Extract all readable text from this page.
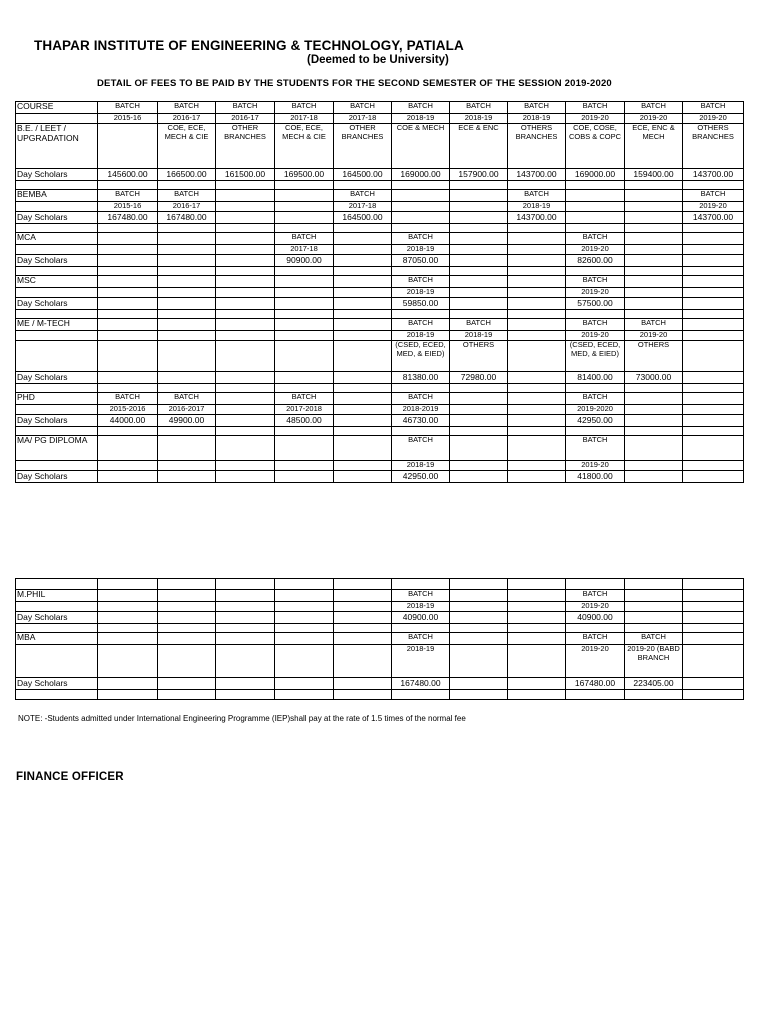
THAPAR INSTITUTE OF ENGINEERING & TECHNOLOGY, PATIALA
(Deemed to be University)
DETAIL OF FEES TO BE PAID BY THE STUDENTS FOR THE SECOND SEMESTER OF THE SESSION 2019-2020
COURSE	BATCH	BATCH	BATCH	BATCH	BATCH	BATCH	BATCH	BATCH	BATCH	BATCH	BATCH
	2015-16	2016-17	2016-17	2017-18	2017-18	2018-19	2018-19	2018-19	2019-20	2019-20	2019-20
B.E. / LEET / UPGRADATION		COE, ECE, MECH & CIE	OTHER BRANCHES	COE, ECE, MECH & CIE	OTHER BRANCHES	COE & MECH	ECE & ENC	OTHERS BRANCHES	COE, COSE, COBS & COPC	ECE, ENC & MECH	OTHERS BRANCHES
Day Scholars	145600.00	166500.00	161500.00	169500.00	164500.00	169000.00	157900.00	143700.00	169000.00	159400.00	143700.00

BEMBA	BATCH	BATCH			BATCH			BATCH			BATCH
	2015-16	2016-17			2017-18			2018-19			2019-20
Day Scholars	167480.00	167480.00			164500.00			143700.00			143700.00

MCA				BATCH		BATCH			BATCH		
				2017-18		2018-19			2019-20		
Day Scholars				90900.00		87050.00			82600.00		

MSC						BATCH			BATCH		
						2018-19			2019-20		
Day Scholars						59850.00			57500.00		

ME / M-TECH						BATCH	BATCH		BATCH	BATCH	
						2018-19	2018-19		2019-20	2019-20	
						(CSED, ECED, MED, & EIED)	OTHERS		(CSED, ECED, MED, & EIED)	OTHERS	
Day Scholars						81380.00	72980.00		81400.00	73000.00	

PHD	BATCH	BATCH		BATCH		BATCH			BATCH		
	2015-2016	2016-2017		2017-2018		2018-2019			2019-2020		
Day Scholars	44000.00	49900.00		48500.00		46730.00			42950.00		

MA/ PG DIPLOMA						BATCH			BATCH		
						2018-19			2019-20		
Day Scholars						42950.00			41800.00		

M.PHIL						BATCH			BATCH		
						2018-19			2019-20		
Day Scholars						40900.00			40900.00		

MBA						BATCH			BATCH	BATCH	
						2018-19			2019-20	2019-20 (BABD BRANCH	
Day Scholars						167480.00			167480.00	223405.00	

NOTE: -Students admitted under International Engineering Programme (IEP)shall pay at the rate of 1.5 times of the normal fee
FINANCE OFFICER
